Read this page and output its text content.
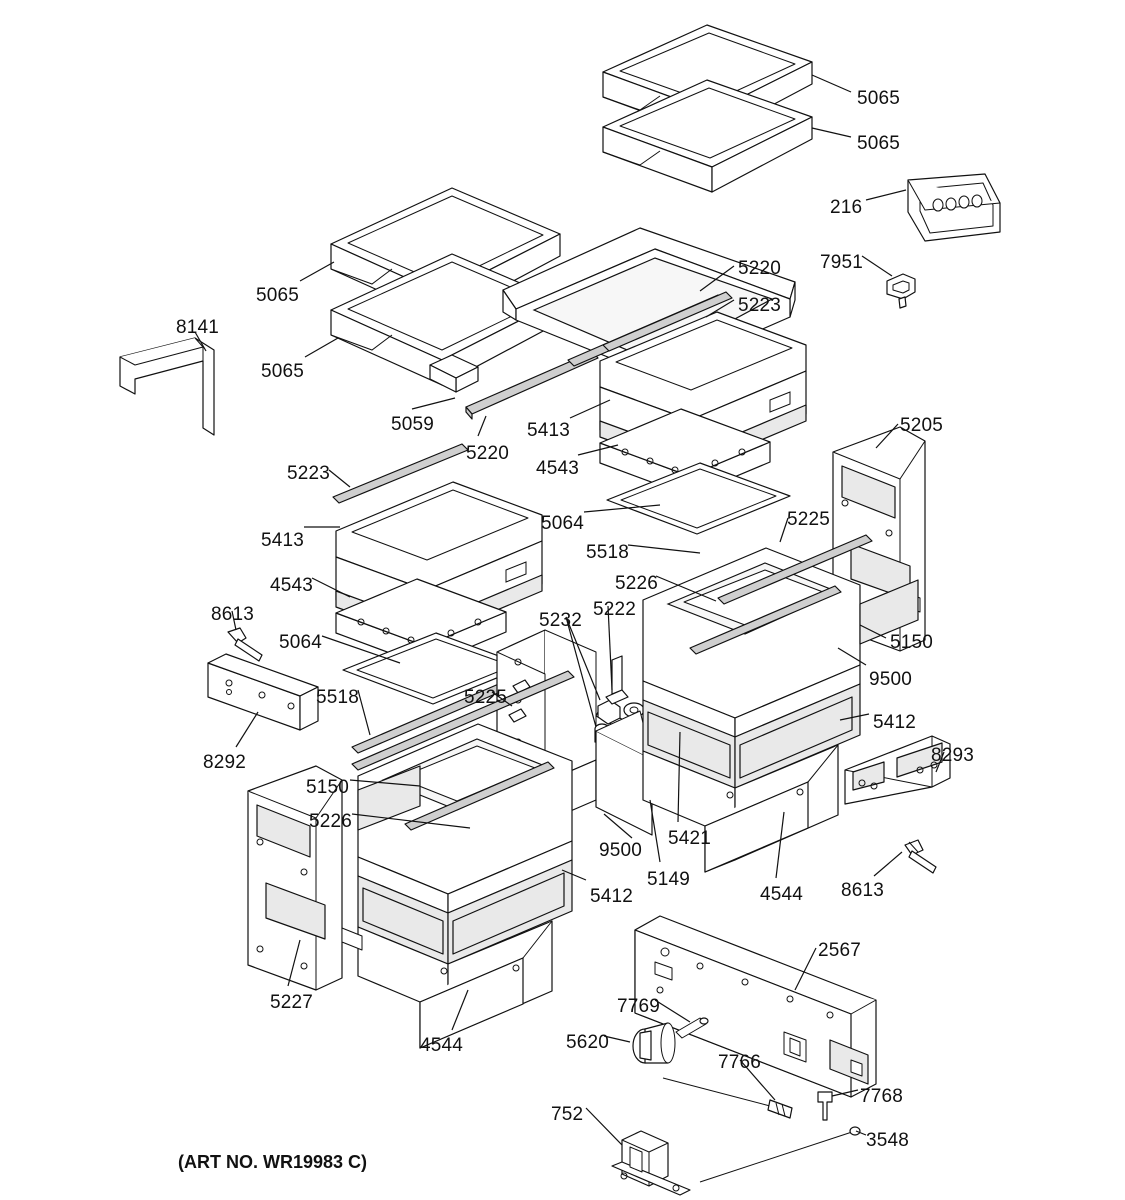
5065
5065
216
7951
5065
5220
5223
5065
8141
5059
5220
5413
4543
5205
5223
5413
5064	5225
5518
5226
4543
5222
5232
5150
8613
5064
9500
5518	5225
5412
8292	8293
5150
5226
5421
9500
5149
4544 8613
5412
2567
5227	7769
5620
7766
4544
7768
752
3548
(ART NO. WR19983 C)
